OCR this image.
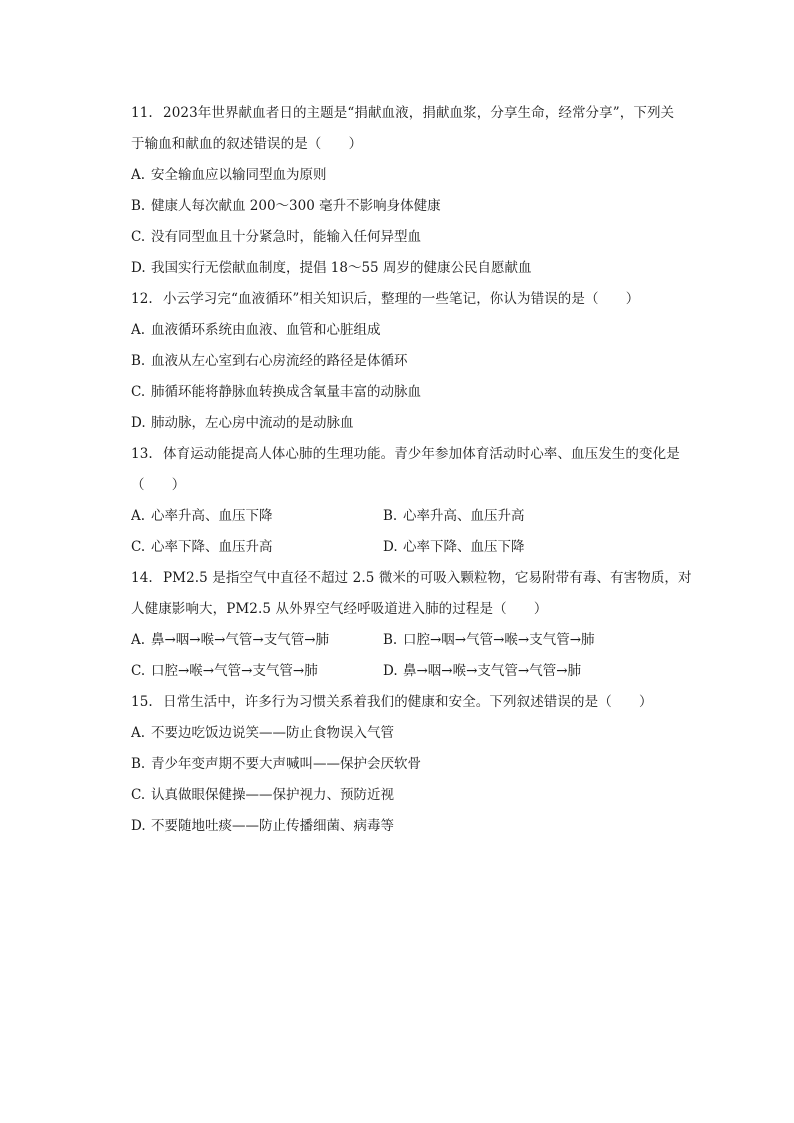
11. 2023年世界献血者日的主题是“捐献血液，捐献血浆，分享生命，经常分享”，下列关
于输血和献血的叙述错误的是（　　）
A. 安全输血应以输同型血为原则
B. 健康人每次献血 200～300 毫升不影响身体健康
C. 没有同型血且十分紧急时，能输入任何异型血
D. 我国实行无偿献血制度，提倡 18～55 周岁的健康公民自愿献血
12. 小云学习完“血液循环”相关知识后，整理的一些笔记，你认为错误的是（　　）
A. 血液循环系统由血液、血管和心脏组成
B. 血液从左心室到右心房流经的路径是体循环
C. 肺循环能将静脉血转换成含氧量丰富的动脉血
D. 肺动脉，左心房中流动的是动脉血
13. 体育运动能提高人体心肺的生理功能。青少年参加体育活动时心率、血压发生的变化是
（　　）
A. 心率升高、血压下降	B. 心率升高、血压升高
C. 心率下降、血压升高	D. 心率下降、血压下降
14. PM2.5 是指空气中直径不超过 2.5 微米的可吸入颗粒物，它易附带有毒、有害物质，对
人健康影响大，PM2.5 从外界空气经呼吸道进入肺的过程是（　　）
A. 鼻→咽→喉→气管→支气管→肺	B. 口腔→咽→气管→喉→支气管→肺
C. 口腔→喉→气管→支气管→肺	D. 鼻→咽→喉→支气管→气管→肺
15. 日常生活中，许多行为习惯关系着我们的健康和安全。下列叙述错误的是（　　）
A. 不要边吃饭边说笑——防止食物误入气管
B. 青少年变声期不要大声喊叫——保护会厌软骨
C. 认真做眼保健操——保护视力、预防近视
D. 不要随地吐痰——防止传播细菌、病毒等
